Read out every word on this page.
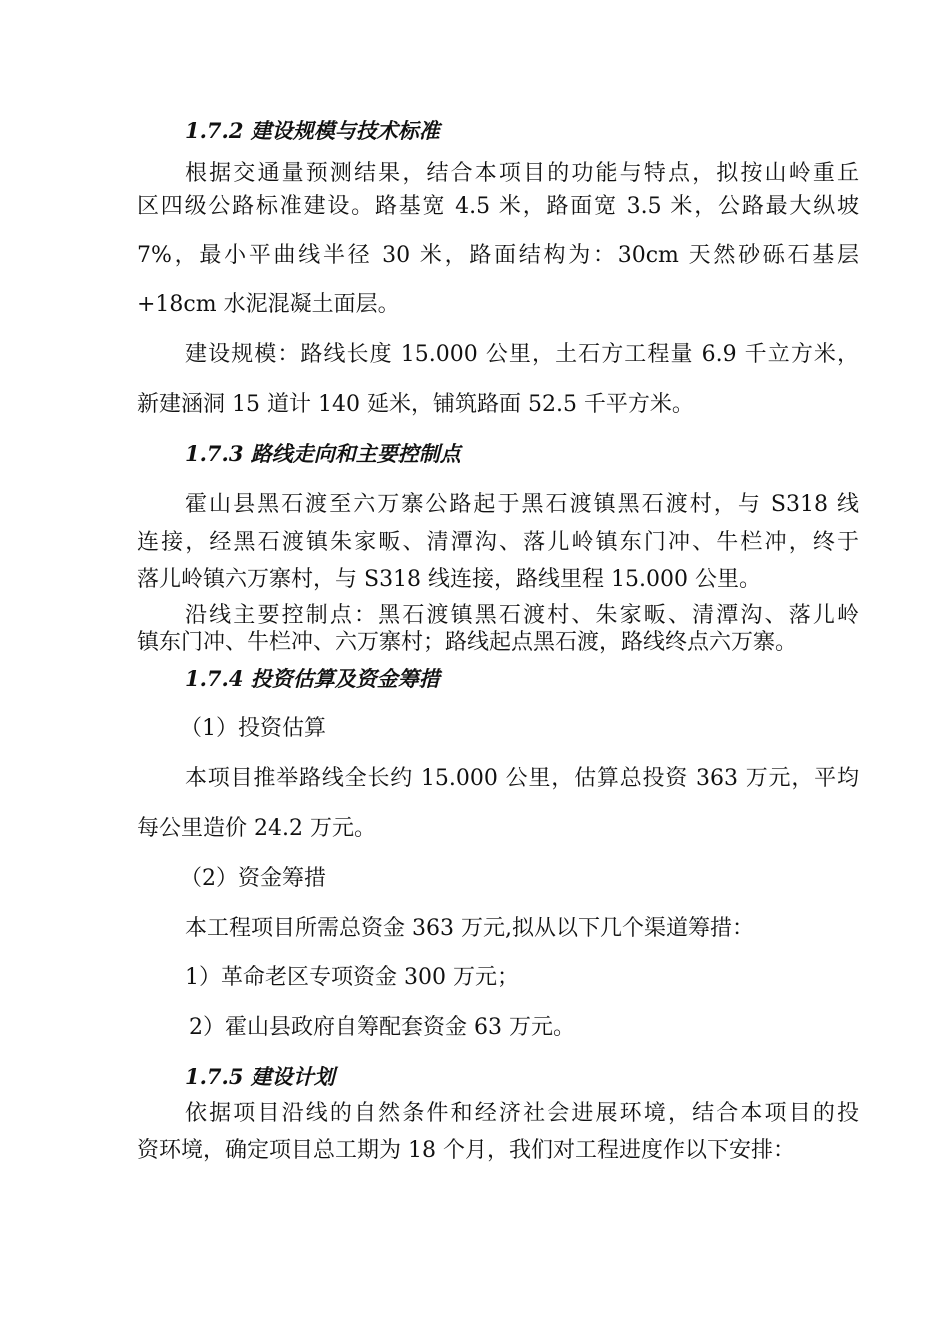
1.7.2 建设规模与技术标准
根据交通量预测结果，结合本项目的功能与特点，拟按山岭重丘
区四级公路标准建设。路基宽 4.5 米，路面宽 3.5 米，公路最大纵坡
7%，最小平曲线半径 30 米，路面结构为：30cm 天然砂砾石基层
+18cm 水泥混凝土面层。
建设规模：路线长度 15.000 公里，土石方工程量 6.9 千立方米，
新建涵洞 15 道计 140 延米，铺筑路面 52.5 千平方米。
1.7.3 路线走向和主要控制点
霍山县黑石渡至六万寨公路起于黑石渡镇黑石渡村，与 S318 线
连接，经黑石渡镇朱家畈、清潭沟、落儿岭镇东门冲、牛栏冲，终于
落儿岭镇六万寨村，与 S318 线连接，路线里程 15.000 公里。
沿线主要控制点：黑石渡镇黑石渡村、朱家畈、清潭沟、落儿岭
镇东门冲、牛栏冲、六万寨村；路线起点黑石渡，路线终点六万寨。
1.7.4 投资估算及资金筹措
（1）投资估算
本项目推举路线全长约 15.000 公里，估算总投资 363 万元，平均
每公里造价 24.2 万元。
（2）资金筹措
本工程项目所需总资金 363 万元,拟从以下几个渠道筹措：
1）革命老区专项资金 300 万元；
2）霍山县政府自筹配套资金 63 万元。
1.7.5 建设计划
依据项目沿线的自然条件和经济社会进展环境，结合本项目的投
资环境，确定项目总工期为 18 个月，我们对工程进度作以下安排：
